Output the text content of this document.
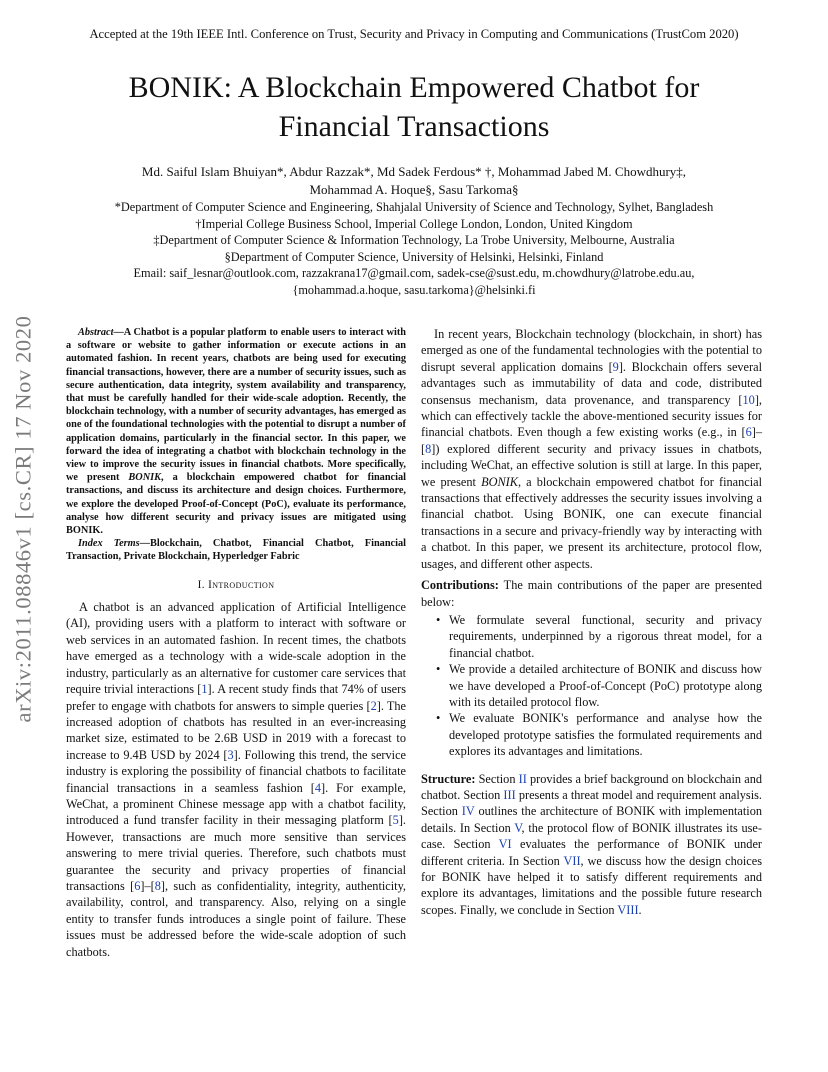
Accepted at the 19th IEEE Intl. Conference on Trust, Security and Privacy in Computing and Communications (TrustCom 2020)
BONIK: A Blockchain Empowered Chatbot for
Financial Transactions
Md. Saiful Islam Bhuiyan*, Abdur Razzak*, Md Sadek Ferdous* †, Mohammad Jabed M. Chowdhury‡,
Mohammad A. Hoque§, Sasu Tarkoma§
*Department of Computer Science and Engineering, Shahjalal University of Science and Technology, Sylhet, Bangladesh
†Imperial College Business School, Imperial College London, London, United Kingdom
‡Department of Computer Science & Information Technology, La Trobe University, Melbourne, Australia
§Department of Computer Science, University of Helsinki, Helsinki, Finland
Email: saif_lesnar@outlook.com, razzakrana17@gmail.com, sadek-cse@sust.edu, m.chowdhury@latrobe.edu.au,
{mohammad.a.hoque, sasu.tarkoma}@helsinki.fi
arXiv:2011.08846v1 [cs.CR] 17 Nov 2020	Abstract—A Chatbot is a popular platform to enable users to interact with a software or website to gather information or execute actions in an automated fashion. In recent years, chatbots are being used for executing financial transactions, however, there are a number of security issues, such as secure authentication, data integrity, system availability and transparency, that must be carefully handled for their wide-scale adoption. Recently, the blockchain technology, with a number of security advantages, has emerged as one of the foundational technologies with the potential to disrupt a number of application domains, particularly in the financial sector. In this paper, we forward the idea of integrating a chatbot with blockchain technology in the view to improve the security issues in financial chatbots. More specifically, we present BONIK, a blockchain empowered chatbot for financial transactions, and discuss its architecture and design choices. Furthermore, we explore the developed Proof-of-Concept (PoC), evaluate its performance, analyse how different security and privacy issues are mitigated using BONIK.

Index Terms—Blockchain, Chatbot, Financial Chatbot, Financial Transaction, Private Blockchain, Hyperledger Fabric

I. Introduction

A chatbot is an advanced application of Artificial Intelligence (AI), providing users with a platform to interact with software or web services in an automated fashion. In recent times, the chatbots have emerged as a technology with a wide-scale adoption in the industry, particularly as an alternative for customer care services that require trivial interactions [1]. A recent study finds that 74% of users prefer to engage with chatbots for answers to simple queries [2]. The increased adoption of chatbots has resulted in an ever-increasing market size, estimated to be 2.6B USD in 2019 with a forecast to increase to 9.4B USD by 2024 [3]. Following this trend, the service industry is exploring the possibility of financial chatbots to facilitate financial transactions in a seamless fashion [4]. For example, WeChat, a prominent Chinese message app with a chatbot facility, introduced a fund transfer facility in their messaging platform [5]. However, transactions are much more sensitive than services answering to mere trivial queries. Therefore, such chatbots must guarantee the security and privacy properties of financial transactions [6]–[8], such as confidentiality, integrity, authenticity, availability, control, and transparency. Also, relying on a single entity to transfer funds introduces a single point of failure. These issues must be addressed before the wide-scale adoption of such chatbots.

In recent years, Blockchain technology (blockchain, in short) has emerged as one of the fundamental technologies with the potential to disrupt several application domains [9]. Blockchain offers several advantages such as immutability of data and code, distributed consensus mechanism, data provenance, and transparency [10], which can effectively tackle the above-mentioned security issues for financial chatbots. Even though a few existing works (e.g., in [6]–[8]) explored different security and privacy issues in chatbots, including WeChat, an effective solution is still at large. In this paper, we present BONIK, a blockchain empowered chatbot for financial transactions that effectively addresses the security issues involving a financial chatbot. Using BONIK, one can execute financial transactions in a secure and privacy-friendly way by interacting with a chatbot. In this paper, we present its architecture, protocol flow, usages, and different other aspects.

Contributions: The main contributions of the paper are presented below:

• We formulate several functional, security and privacy requirements, underpinned by a rigorous threat model, for a financial chatbot.
• We provide a detailed architecture of BONIK and discuss how we have developed a Proof-of-Concept (PoC) prototype along with its detailed protocol flow.
• We evaluate BONIK's performance and analyse how the developed prototype satisfies the formulated requirements and explores its advantages and limitations.

Structure: Section II provides a brief background on blockchain and chatbot. Section III presents a threat model and requirement analysis. Section IV outlines the architecture of BONIK with implementation details. In Section V, the protocol flow of BONIK illustrates its use-case. Section VI evaluates the performance of BONIK under different criteria. In Section VII, we discuss how the design choices for BONIK have helped it to satisfy different requirements and explore its advantages, limitations and the possible future research scopes. Finally, we conclude in Section VIII.
